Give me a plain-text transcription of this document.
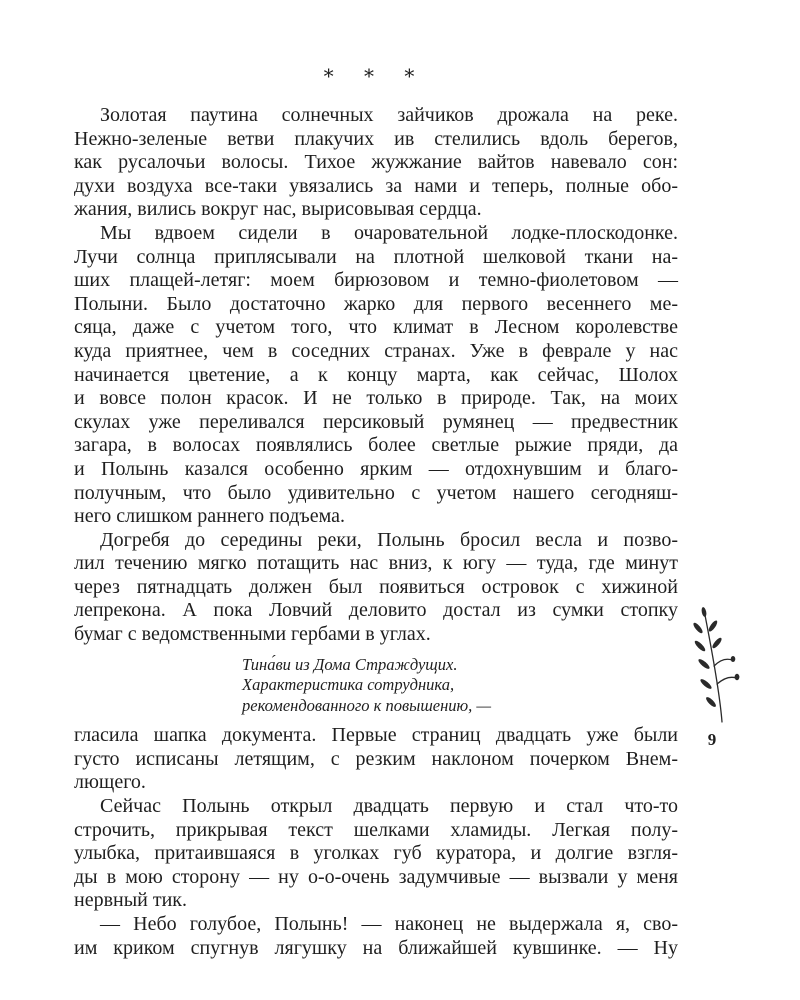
* * *
Золотая паутина солнечных зайчиков дрожала на реке.
Нежно-зеленые ветви плакучих ив стелились вдоль берегов,
как русалочьи волосы. Тихое жужжание вайтов навевало сон:
духи воздуха все-таки увязались за нами и теперь, полные обо-
жания, вились вокруг нас, вырисовывая сердца.
Мы вдвоем сидели в очаровательной лодке-плоскодонке.
Лучи солнца приплясывали на плотной шелковой ткани на-
ших плащей-летяг: моем бирюзовом и темно-фиолетовом —
Полыни. Было достаточно жарко для первого весеннего ме-
сяца, даже с учетом того, что климат в Лесном королевстве
куда приятнее, чем в соседних странах. Уже в феврале у нас
начинается цветение, а к концу марта, как сейчас, Шолох
и вовсе полон красок. И не только в природе. Так, на моих
скулах уже переливался персиковый румянец — предвестник
загара, в волосах появлялись более светлые рыжие пряди, да
и Полынь казался особенно ярким — отдохнувшим и благо-
получным, что было удивительно с учетом нашего сегодняш-
него слишком раннего подъема.
Догребя до середины реки, Полынь бросил весла и позво-
лил течению мягко потащить нас вниз, к югу — туда, где минут
через пятнадцать должен был появиться островок с хижиной
лепрекона. А пока Ловчий деловито достал из сумки стопку
бумаг с ведомственными гербами в углах.
Тина́ви из Дома Страждущих.
Характеристика сотрудника,
рекомендованного к повышению, —
гласила шапка документа. Первые страниц двадцать уже были
густо исписаны летящим, с резким наклоном почерком Внем-
лющего.
Сейчас Полынь открыл двадцать первую и стал что-то
строчить, прикрывая текст шелками хламиды. Легкая полу-
улыбка, притаившаяся в уголках губ куратора, и долгие взгля-
ды в мою сторону — ну о-о-очень задумчивые — вызвали у меня
нервный тик.
— Небо голубое, Полынь! — наконец не выдержала я, сво-
им криком спугнув лягушку на ближайшей кувшинке. — Ну
9
